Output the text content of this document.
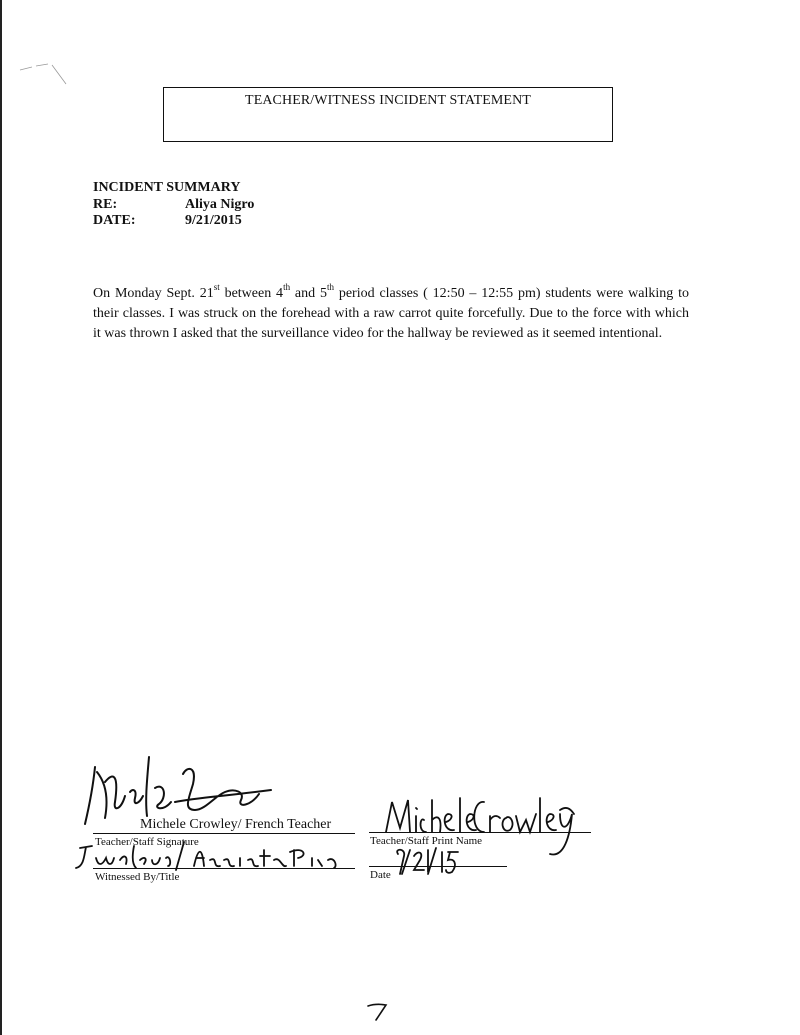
TEACHER/WITNESS INCIDENT STATEMENT
INCIDENT SUMMARY
RE:	Aliya Nigro
DATE:	9/21/2015
On Monday Sept. 21st between 4th and 5th period classes ( 12:50 – 12:55 pm) students were walking to their classes. I was struck on the forehead with a raw carrot quite forcefully. Due to the force with which it was thrown I asked that the surveillance video for the hallway be reviewed as it seemed intentional.
Michele Crowley/ French Teacher
Teacher/Staff Signature
Witnessed By/Title
Teacher/Staff Print Name
Date
